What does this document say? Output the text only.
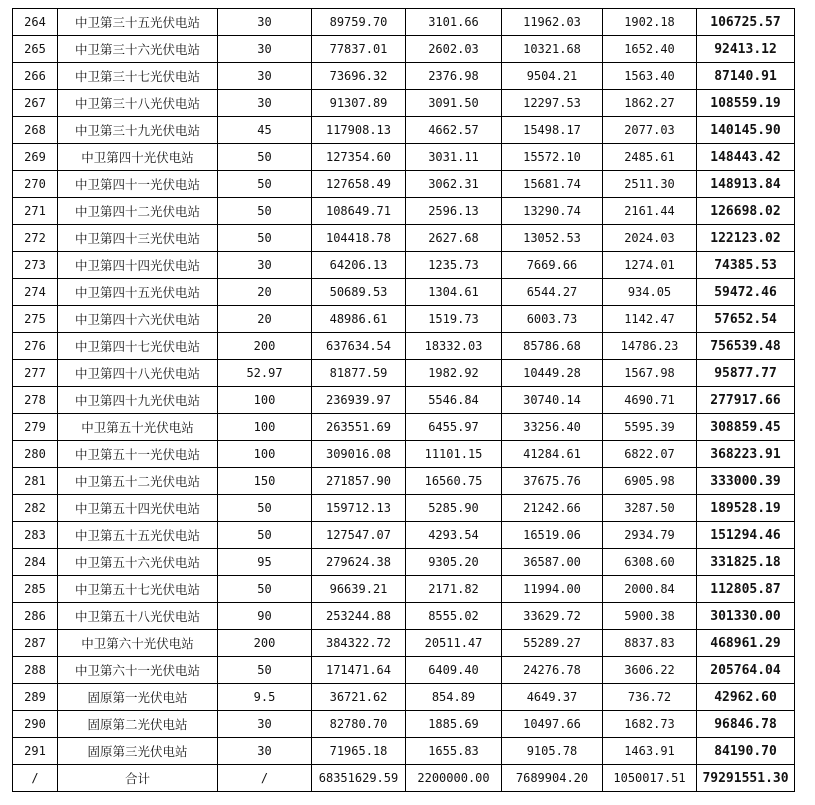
264	中卫第三十五光伏电站	30	89759.70	3101.66	11962.03	1902.18	106725.57
265	中卫第三十六光伏电站	30	77837.01	2602.03	10321.68	1652.40	92413.12
266	中卫第三十七光伏电站	30	73696.32	2376.98	9504.21	1563.40	87140.91
267	中卫第三十八光伏电站	30	91307.89	3091.50	12297.53	1862.27	108559.19
268	中卫第三十九光伏电站	45	117908.13	4662.57	15498.17	2077.03	140145.90
269	中卫第四十光伏电站	50	127354.60	3031.11	15572.10	2485.61	148443.42
270	中卫第四十一光伏电站	50	127658.49	3062.31	15681.74	2511.30	148913.84
271	中卫第四十二光伏电站	50	108649.71	2596.13	13290.74	2161.44	126698.02
272	中卫第四十三光伏电站	50	104418.78	2627.68	13052.53	2024.03	122123.02
273	中卫第四十四光伏电站	30	64206.13	1235.73	7669.66	1274.01	74385.53
274	中卫第四十五光伏电站	20	50689.53	1304.61	6544.27	934.05	59472.46
275	中卫第四十六光伏电站	20	48986.61	1519.73	6003.73	1142.47	57652.54
276	中卫第四十七光伏电站	200	637634.54	18332.03	85786.68	14786.23	756539.48
277	中卫第四十八光伏电站	52.97	81877.59	1982.92	10449.28	1567.98	95877.77
278	中卫第四十九光伏电站	100	236939.97	5546.84	30740.14	4690.71	277917.66
279	中卫第五十光伏电站	100	263551.69	6455.97	33256.40	5595.39	308859.45
280	中卫第五十一光伏电站	100	309016.08	11101.15	41284.61	6822.07	368223.91
281	中卫第五十二光伏电站	150	271857.90	16560.75	37675.76	6905.98	333000.39
282	中卫第五十四光伏电站	50	159712.13	5285.90	21242.66	3287.50	189528.19
283	中卫第五十五光伏电站	50	127547.07	4293.54	16519.06	2934.79	151294.46
284	中卫第五十六光伏电站	95	279624.38	9305.20	36587.00	6308.60	331825.18
285	中卫第五十七光伏电站	50	96639.21	2171.82	11994.00	2000.84	112805.87
286	中卫第五十八光伏电站	90	253244.88	8555.02	33629.72	5900.38	301330.00
287	中卫第六十光伏电站	200	384322.72	20511.47	55289.27	8837.83	468961.29
288	中卫第六十一光伏电站	50	171471.64	6409.40	24276.78	3606.22	205764.04
289	固原第一光伏电站	9.5	36721.62	854.89	4649.37	736.72	42962.60
290	固原第二光伏电站	30	82780.70	1885.69	10497.66	1682.73	96846.78
291	固原第三光伏电站	30	71965.18	1655.83	9105.78	1463.91	84190.70
/	合计	/	68351629.59	2200000.00	7689904.20	1050017.51	79291551.30
